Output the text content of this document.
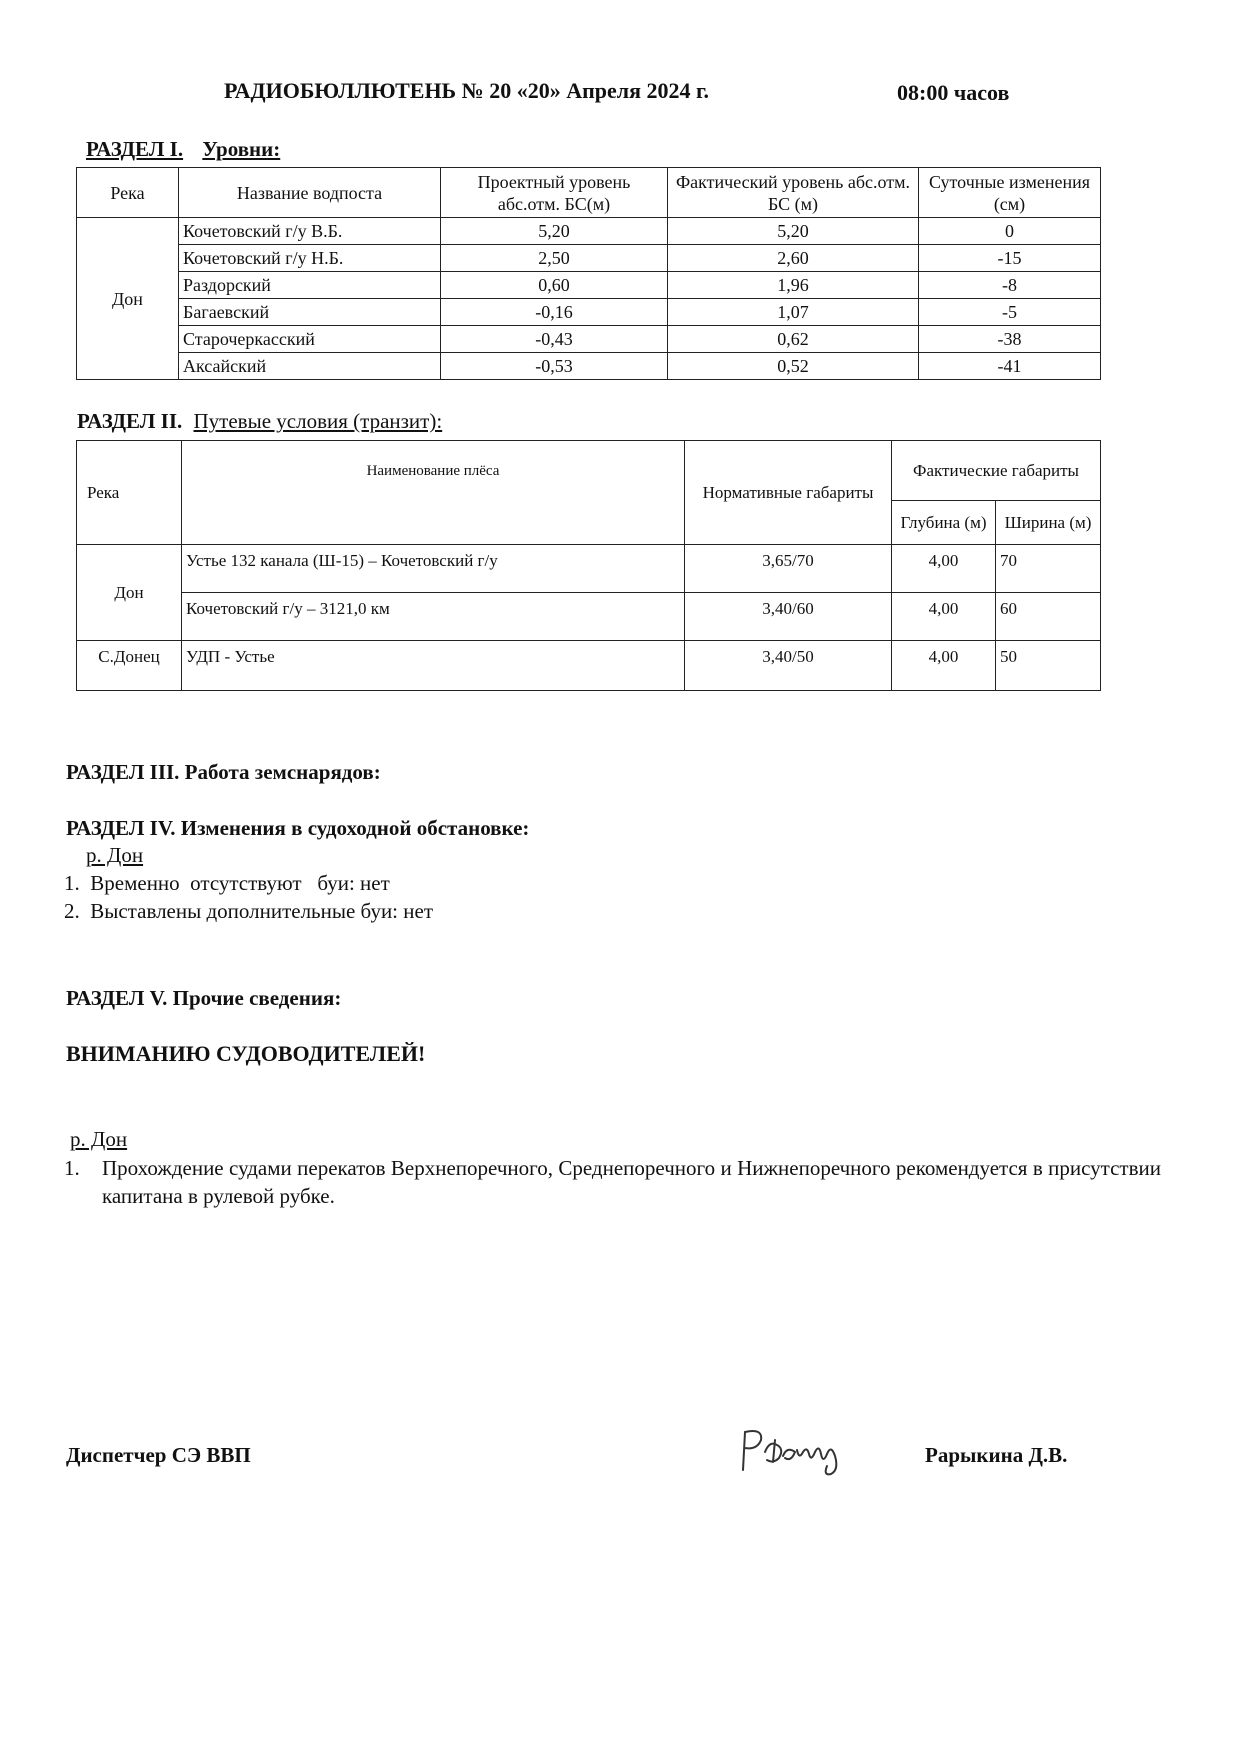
РАДИОБЮЛЛЮТЕНЬ № 20 «20» Апреля 2024 г.	08:00 часов
РАЗДЕЛ I. Уровни:
Река	Название водпоста	Проектный уровень абс.отм. БС(м)	Фактический уровень абс.отм. БС (м)	Суточные изменения (см)
Дон	Кочетовский г/у В.Б.	5,20	5,20	0
	Кочетовский г/у Н.Б.	2,50	2,60	-15
	Раздорский	0,60	1,96	-8
	Багаевский	-0,16	1,07	-5
	Старочеркасский	-0,43	0,62	-38
	Аксайский	-0,53	0,52	-41
РАЗДЕЛ II. Путевые условия (транзит):
Река	Наименование плёса	Нормативные габариты	Фактические габариты	
			Глубина (м)	Ширина (м)
Дон	Устье 132 канала (Ш-15) – Кочетовский г/у	3,65/70	4,00	70
	Кочетовский г/у – 3121,0 км	3,40/60	4,00	60
С.Донец	УДП - Устье	3,40/50	4,00	50
РАЗДЕЛ III. Работа земснарядов:
РАЗДЕЛ IV. Изменения в судоходной обстановке:
р. Дон
1.  Временно  отсутствуют   буи: нет
2.  Выставлены дополнительные буи: нет
РАЗДЕЛ V. Прочие сведения:
ВНИМАНИЮ СУДОВОДИТЕЛЕЙ!
р. Дон
1.	Прохождение судами перекатов Верхнепоречного, Среднепоречного и Нижнепоречного рекомендуется в присутствии капитана в рулевой рубке.
Диспетчер СЭ ВВП	Рарыкина Д.В.
